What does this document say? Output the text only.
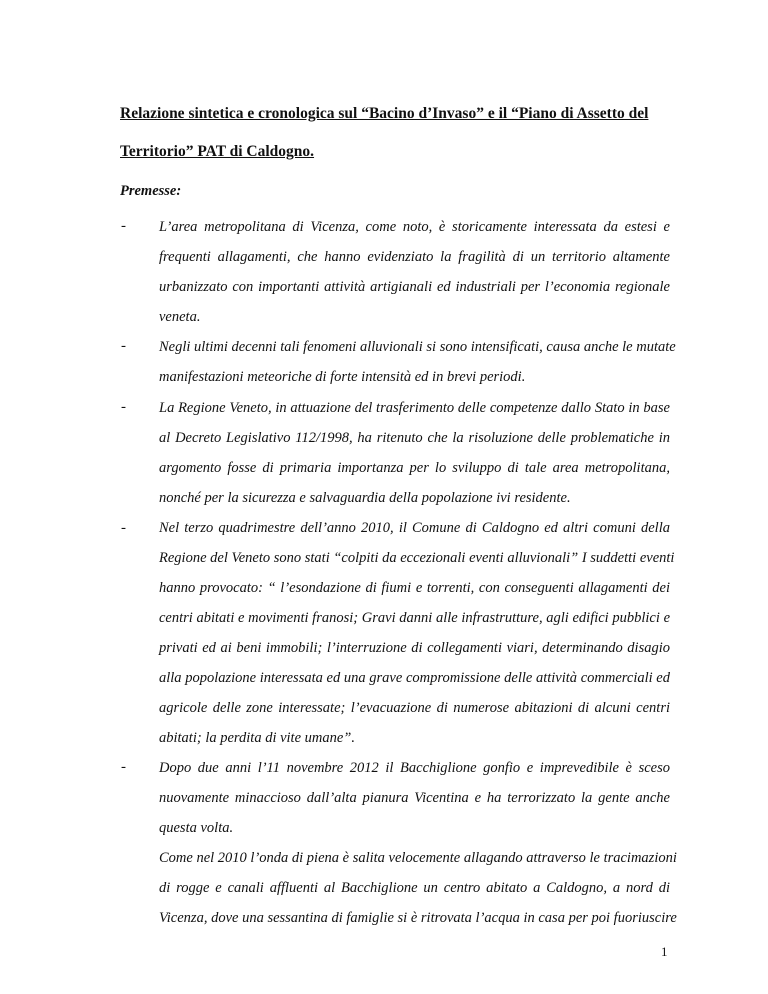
Relazione sintetica e cronologica sul “Bacino d’Invaso” e il “Piano di Assetto del
Territorio” PAT di Caldogno.
Premesse:
- L’area metropolitana di Vicenza, come noto, è storicamente interessata da estesi e
frequenti allagamenti, che hanno evidenziato la fragilità di un territorio altamente
urbanizzato con importanti attività artigianali ed industriali per l’economia regionale
veneta.
- Negli ultimi decenni tali fenomeni alluvionali si sono intensificati, causa anche le mutate
manifestazioni meteoriche di forte intensità ed in brevi periodi.
- La Regione Veneto, in attuazione del trasferimento delle competenze dallo Stato in base
al Decreto Legislativo 112/1998, ha ritenuto che la risoluzione delle problematiche in
argomento fosse di primaria importanza per lo sviluppo di tale area metropolitana,
nonché per la sicurezza e salvaguardia della popolazione ivi residente.
- Nel terzo quadrimestre dell’anno 2010, il Comune di Caldogno ed altri comuni della
Regione del Veneto sono stati “colpiti da eccezionali eventi alluvionali” I suddetti eventi
hanno provocato: “ l’esondazione di fiumi e torrenti, con conseguenti allagamenti dei
centri abitati e movimenti franosi; Gravi danni alle infrastrutture, agli edifici pubblici e
privati ed ai beni immobili; l’interruzione di collegamenti viari, determinando disagio
alla popolazione interessata ed una grave compromissione delle attività commerciali ed
agricole delle zone interessate; l’evacuazione di numerose abitazioni di alcuni centri
abitati; la perdita di vite umane”.
- Dopo due anni l’11 novembre 2012 il Bacchiglione gonfio e imprevedibile è sceso
nuovamente minaccioso dall’alta pianura Vicentina e ha terrorizzato la gente anche
questa volta.
Come nel 2010 l’onda di piena è salita velocemente allagando attraverso le tracimazioni
di rogge e canali affluenti al Bacchiglione un centro abitato a Caldogno, a nord di
Vicenza, dove una sessantina di famiglie si è ritrovata l’acqua in casa per poi fuoriuscire
1
